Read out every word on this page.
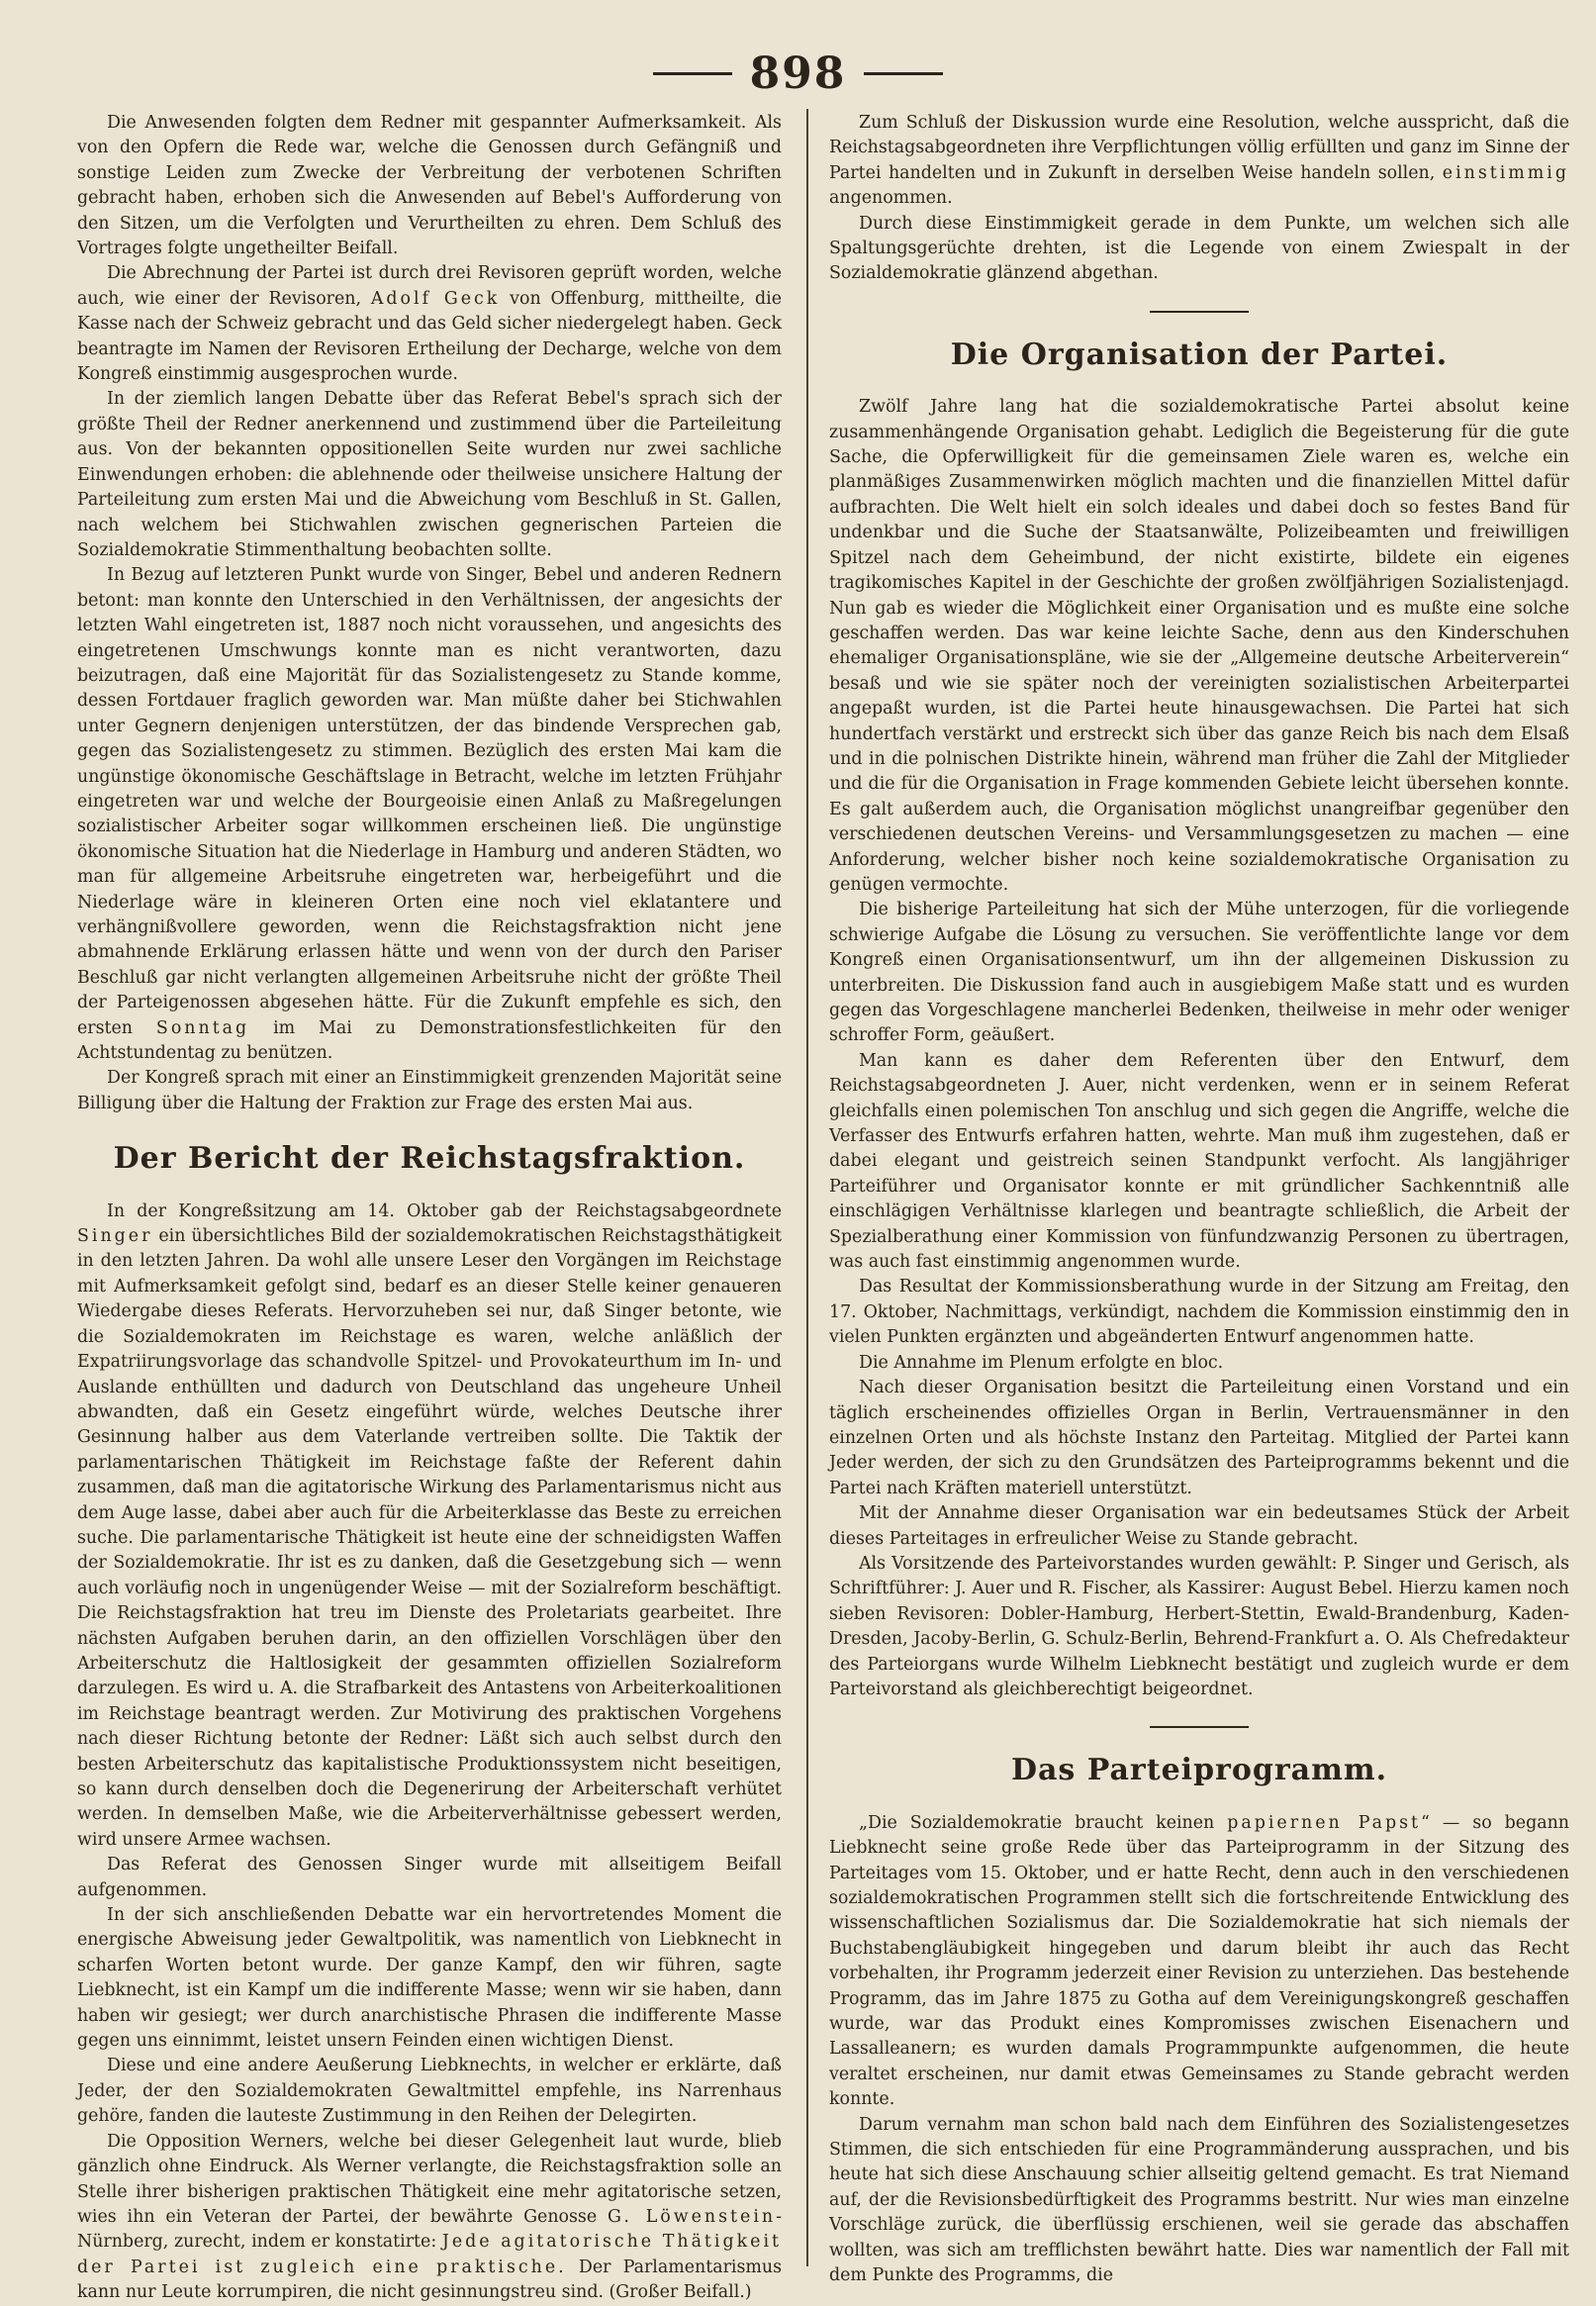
898

Die Anwesenden folgten dem Redner mit gespannter Aufmerksamkeit. Als von den Opfern die Rede war, welche die Genossen durch Gefängniß und sonstige Leiden zum Zwecke der Verbreitung der verbotenen Schriften gebracht haben, erhoben sich die Anwesenden auf Bebel's Aufforderung von den Sitzen, um die Verfolgten und Verurtheilten zu ehren. Dem Schluß des Vortrages folgte ungetheilter Beifall.

Die Abrechnung der Partei ist durch drei Revisoren geprüft worden, welche auch, wie einer der Revisoren, Adolf Geck von Offenburg, mittheilte, die Kasse nach der Schweiz gebracht und das Geld sicher niedergelegt haben. Geck beantragte im Namen der Revisoren Ertheilung der Decharge, welche von dem Kongreß einstimmig ausgesprochen wurde.

In der ziemlich langen Debatte über das Referat Bebel's sprach sich der größte Theil der Redner anerkennend und zustimmend über die Parteileitung aus. Von der bekannten oppositionellen Seite wurden nur zwei sachliche Einwendungen erhoben: die ablehnende oder theilweise unsichere Haltung der Parteileitung zum ersten Mai und die Abweichung vom Beschluß in St. Gallen, nach welchem bei Stichwahlen zwischen gegnerischen Parteien die Sozialdemokratie Stimmenthaltung beobachten sollte.

In Bezug auf letzteren Punkt wurde von Singer, Bebel und anderen Rednern betont: man konnte den Unterschied in den Verhältnissen, der angesichts der letzten Wahl eingetreten ist, 1887 noch nicht voraussehen, und angesichts des eingetretenen Umschwungs konnte man es nicht verantworten, dazu beizutragen, daß eine Majorität für das Sozialistengesetz zu Stande komme, dessen Fortdauer fraglich geworden war. Man müßte daher bei Stichwahlen unter Gegnern denjenigen unterstützen, der das bindende Versprechen gab, gegen das Sozialistengesetz zu stimmen. Bezüglich des ersten Mai kam die ungünstige ökonomische Geschäftslage in Betracht, welche im letzten Frühjahr eingetreten war und welche der Bourgeoisie einen Anlaß zu Maßregelungen sozialistischer Arbeiter sogar willkommen erscheinen ließ. Die ungünstige ökonomische Situation hat die Niederlage in Hamburg und anderen Städten, wo man für allgemeine Arbeitsruhe eingetreten war, herbeigeführt und die Niederlage wäre in kleineren Orten eine noch viel eklatantere und verhängnißvollere geworden, wenn die Reichstagsfraktion nicht jene abmahnende Erklärung erlassen hätte und wenn von der durch den Pariser Beschluß gar nicht verlangten allgemeinen Arbeitsruhe nicht der größte Theil der Parteigenossen abgesehen hätte. Für die Zukunft empfehle es sich, den ersten Sonntag im Mai zu Demonstrationsfestlichkeiten für den Achtstundentag zu benützen.

Der Kongreß sprach mit einer an Einstimmigkeit grenzenden Majorität seine Billigung über die Haltung der Fraktion zur Frage des ersten Mai aus.

Der Bericht der Reichstagsfraktion.

In der Kongreßsitzung am 14. Oktober gab der Reichstagsabgeordnete Singer ein übersichtliches Bild der sozialdemokratischen Reichstagsthätigkeit in den letzten Jahren. Da wohl alle unsere Leser den Vorgängen im Reichstage mit Aufmerksamkeit gefolgt sind, bedarf es an dieser Stelle keiner genaueren Wiedergabe dieses Referats. Hervorzuheben sei nur, daß Singer betonte, wie die Sozialdemokraten im Reichstage es waren, welche anläßlich der Expatriirungsvorlage das schandvolle Spitzel- und Provokateurthum im In- und Auslande enthüllten und dadurch von Deutschland das ungeheure Unheil abwandten, daß ein Gesetz eingeführt würde, welches Deutsche ihrer Gesinnung halber aus dem Vaterlande vertreiben sollte. Die Taktik der parlamentarischen Thätigkeit im Reichstage faßte der Referent dahin zusammen, daß man die agitatorische Wirkung des Parlamentarismus nicht aus dem Auge lasse, dabei aber auch für die Arbeiterklasse das Beste zu erreichen suche. Die parlamentarische Thätigkeit ist heute eine der schneidigsten Waffen der Sozialdemokratie. Ihr ist es zu danken, daß die Gesetzgebung sich — wenn auch vorläufig noch in ungenügender Weise — mit der Sozialreform beschäftigt. Die Reichstagsfraktion hat treu im Dienste des Proletariats gearbeitet. Ihre nächsten Aufgaben beruhen darin, an den offiziellen Vorschlägen über den Arbeiterschutz die Haltlosigkeit der gesammten offiziellen Sozialreform darzulegen. Es wird u. A. die Strafbarkeit des Antastens von Arbeiterkoalitionen im Reichstage beantragt werden. Zur Motivirung des praktischen Vorgehens nach dieser Richtung betonte der Redner: Läßt sich auch selbst durch den besten Arbeiterschutz das kapitalistische Produktionssystem nicht beseitigen, so kann durch denselben doch die Degenerirung der Arbeiterschaft verhütet werden. In demselben Maße, wie die Arbeiterverhältnisse gebessert werden, wird unsere Armee wachsen.

Das Referat des Genossen Singer wurde mit allseitigem Beifall aufgenommen.

In der sich anschließenden Debatte war ein hervortretendes Moment die energische Abweisung jeder Gewaltpolitik, was namentlich von Liebknecht in scharfen Worten betont wurde. Der ganze Kampf, den wir führen, sagte Liebknecht, ist ein Kampf um die indifferente Masse; wenn wir sie haben, dann haben wir gesiegt; wer durch anarchistische Phrasen die indifferente Masse gegen uns einnimmt, leistet unsern Feinden einen wichtigen Dienst.

Diese und eine andere Aeußerung Liebknechts, in welcher er erklärte, daß Jeder, der den Sozialdemokraten Gewaltmittel empfehle, ins Narrenhaus gehöre, fanden die lauteste Zustimmung in den Reihen der Delegirten.

Die Opposition Werners, welche bei dieser Gelegenheit laut wurde, blieb gänzlich ohne Eindruck. Als Werner verlangte, die Reichstagsfraktion solle an Stelle ihrer bisherigen praktischen Thätigkeit eine mehr agitatorische setzen, wies ihn ein Veteran der Partei, der bewährte Genosse G. Löwenstein-Nürnberg, zurecht, indem er konstatirte: Jede agitatorische Thätigkeit der Partei ist zugleich eine praktische. Der Parlamentarismus kann nur Leute korrumpiren, die nicht gesinnungstreu sind. (Großer Beifall.)

Zum Schluß der Diskussion wurde eine Resolution, welche ausspricht, daß die Reichstagsabgeordneten ihre Verpflichtungen völlig erfüllten und ganz im Sinne der Partei handelten und in Zukunft in derselben Weise handeln sollen, einstimmig angenommen.

Durch diese Einstimmigkeit gerade in dem Punkte, um welchen sich alle Spaltungsgerüchte drehten, ist die Legende von einem Zwiespalt in der Sozialdemokratie glänzend abgethan.

Die Organisation der Partei.

Zwölf Jahre lang hat die sozialdemokratische Partei absolut keine zusammenhängende Organisation gehabt. Lediglich die Begeisterung für die gute Sache, die Opferwilligkeit für die gemeinsamen Ziele waren es, welche ein planmäßiges Zusammenwirken möglich machten und die finanziellen Mittel dafür aufbrachten. Die Welt hielt ein solch ideales und dabei doch so festes Band für undenkbar und die Suche der Staatsanwälte, Polizeibeamten und freiwilligen Spitzel nach dem Geheimbund, der nicht existirte, bildete ein eigenes tragikomisches Kapitel in der Geschichte der großen zwölfjährigen Sozialistenjagd. Nun gab es wieder die Möglichkeit einer Organisation und es mußte eine solche geschaffen werden. Das war keine leichte Sache, denn aus den Kinderschuhen ehemaliger Organisationspläne, wie sie der „Allgemeine deutsche Arbeiterverein“ besaß und wie sie später noch der vereinigten sozialistischen Arbeiterpartei angepaßt wurden, ist die Partei heute hinausgewachsen. Die Partei hat sich hundertfach verstärkt und erstreckt sich über das ganze Reich bis nach dem Elsaß und in die polnischen Distrikte hinein, während man früher die Zahl der Mitglieder und die für die Organisation in Frage kommenden Gebiete leicht übersehen konnte. Es galt außerdem auch, die Organisation möglichst unangreifbar gegenüber den verschiedenen deutschen Vereins- und Versammlungsgesetzen zu machen — eine Anforderung, welcher bisher noch keine sozialdemokratische Organisation zu genügen vermochte.

Die bisherige Parteileitung hat sich der Mühe unterzogen, für die vorliegende schwierige Aufgabe die Lösung zu versuchen. Sie veröffentlichte lange vor dem Kongreß einen Organisationsentwurf, um ihn der allgemeinen Diskussion zu unterbreiten. Die Diskussion fand auch in ausgiebigem Maße statt und es wurden gegen das Vorgeschlagene mancherlei Bedenken, theilweise in mehr oder weniger schroffer Form, geäußert.

Man kann es daher dem Referenten über den Entwurf, dem Reichstagsabgeordneten J. Auer, nicht verdenken, wenn er in seinem Referat gleichfalls einen polemischen Ton anschlug und sich gegen die Angriffe, welche die Verfasser des Entwurfs erfahren hatten, wehrte. Man muß ihm zugestehen, daß er dabei elegant und geistreich seinen Standpunkt verfocht. Als langjähriger Parteiführer und Organisator konnte er mit gründlicher Sachkenntniß alle einschlägigen Verhältnisse klarlegen und beantragte schließlich, die Arbeit der Spezialberathung einer Kommission von fünfundzwanzig Personen zu übertragen, was auch fast einstimmig angenommen wurde.

Das Resultat der Kommissionsberathung wurde in der Sitzung am Freitag, den 17. Oktober, Nachmittags, verkündigt, nachdem die Kommission einstimmig den in vielen Punkten ergänzten und abgeänderten Entwurf angenommen hatte.

Die Annahme im Plenum erfolgte en bloc.

Nach dieser Organisation besitzt die Parteileitung einen Vorstand und ein täglich erscheinendes offizielles Organ in Berlin, Vertrauensmänner in den einzelnen Orten und als höchste Instanz den Parteitag. Mitglied der Partei kann Jeder werden, der sich zu den Grundsätzen des Parteiprogramms bekennt und die Partei nach Kräften materiell unterstützt.

Mit der Annahme dieser Organisation war ein bedeutsames Stück der Arbeit dieses Parteitages in erfreulicher Weise zu Stande gebracht.

Als Vorsitzende des Parteivorstandes wurden gewählt: P. Singer und Gerisch, als Schriftführer: J. Auer und R. Fischer, als Kassirer: August Bebel. Hierzu kamen noch sieben Revisoren: Dobler-Hamburg, Herbert-Stettin, Ewald-Brandenburg, Kaden-Dresden, Jacoby-Berlin, G. Schulz-Berlin, Behrend-Frankfurt a. O. Als Chefredakteur des Parteiorgans wurde Wilhelm Liebknecht bestätigt und zugleich wurde er dem Parteivorstand als gleichberechtigt beigeordnet.

Das Parteiprogramm.

„Die Sozialdemokratie braucht keinen papiernen Papst“ — so begann Liebknecht seine große Rede über das Parteiprogramm in der Sitzung des Parteitages vom 15. Oktober, und er hatte Recht, denn auch in den verschiedenen sozialdemokratischen Programmen stellt sich die fortschreitende Entwicklung des wissenschaftlichen Sozialismus dar. Die Sozialdemokratie hat sich niemals der Buchstabengläubigkeit hingegeben und darum bleibt ihr auch das Recht vorbehalten, ihr Programm jederzeit einer Revision zu unterziehen. Das bestehende Programm, das im Jahre 1875 zu Gotha auf dem Vereinigungskongreß geschaffen wurde, war das Produkt eines Kompromisses zwischen Eisenachern und Lassalleanern; es wurden damals Programmpunkte aufgenommen, die heute veraltet erscheinen, nur damit etwas Gemeinsames zu Stande gebracht werden konnte.

Darum vernahm man schon bald nach dem Einführen des Sozialistengesetzes Stimmen, die sich entschieden für eine Programmänderung aussprachen, und bis heute hat sich diese Anschauung schier allseitig geltend gemacht. Es trat Niemand auf, der die Revisionsbedürftigkeit des Programms bestritt. Nur wies man einzelne Vorschläge zurück, die überflüssig erschienen, weil sie gerade das abschaffen wollten, was sich am trefflichsten bewährt hatte. Dies war namentlich der Fall mit dem Punkte des Programms, die
